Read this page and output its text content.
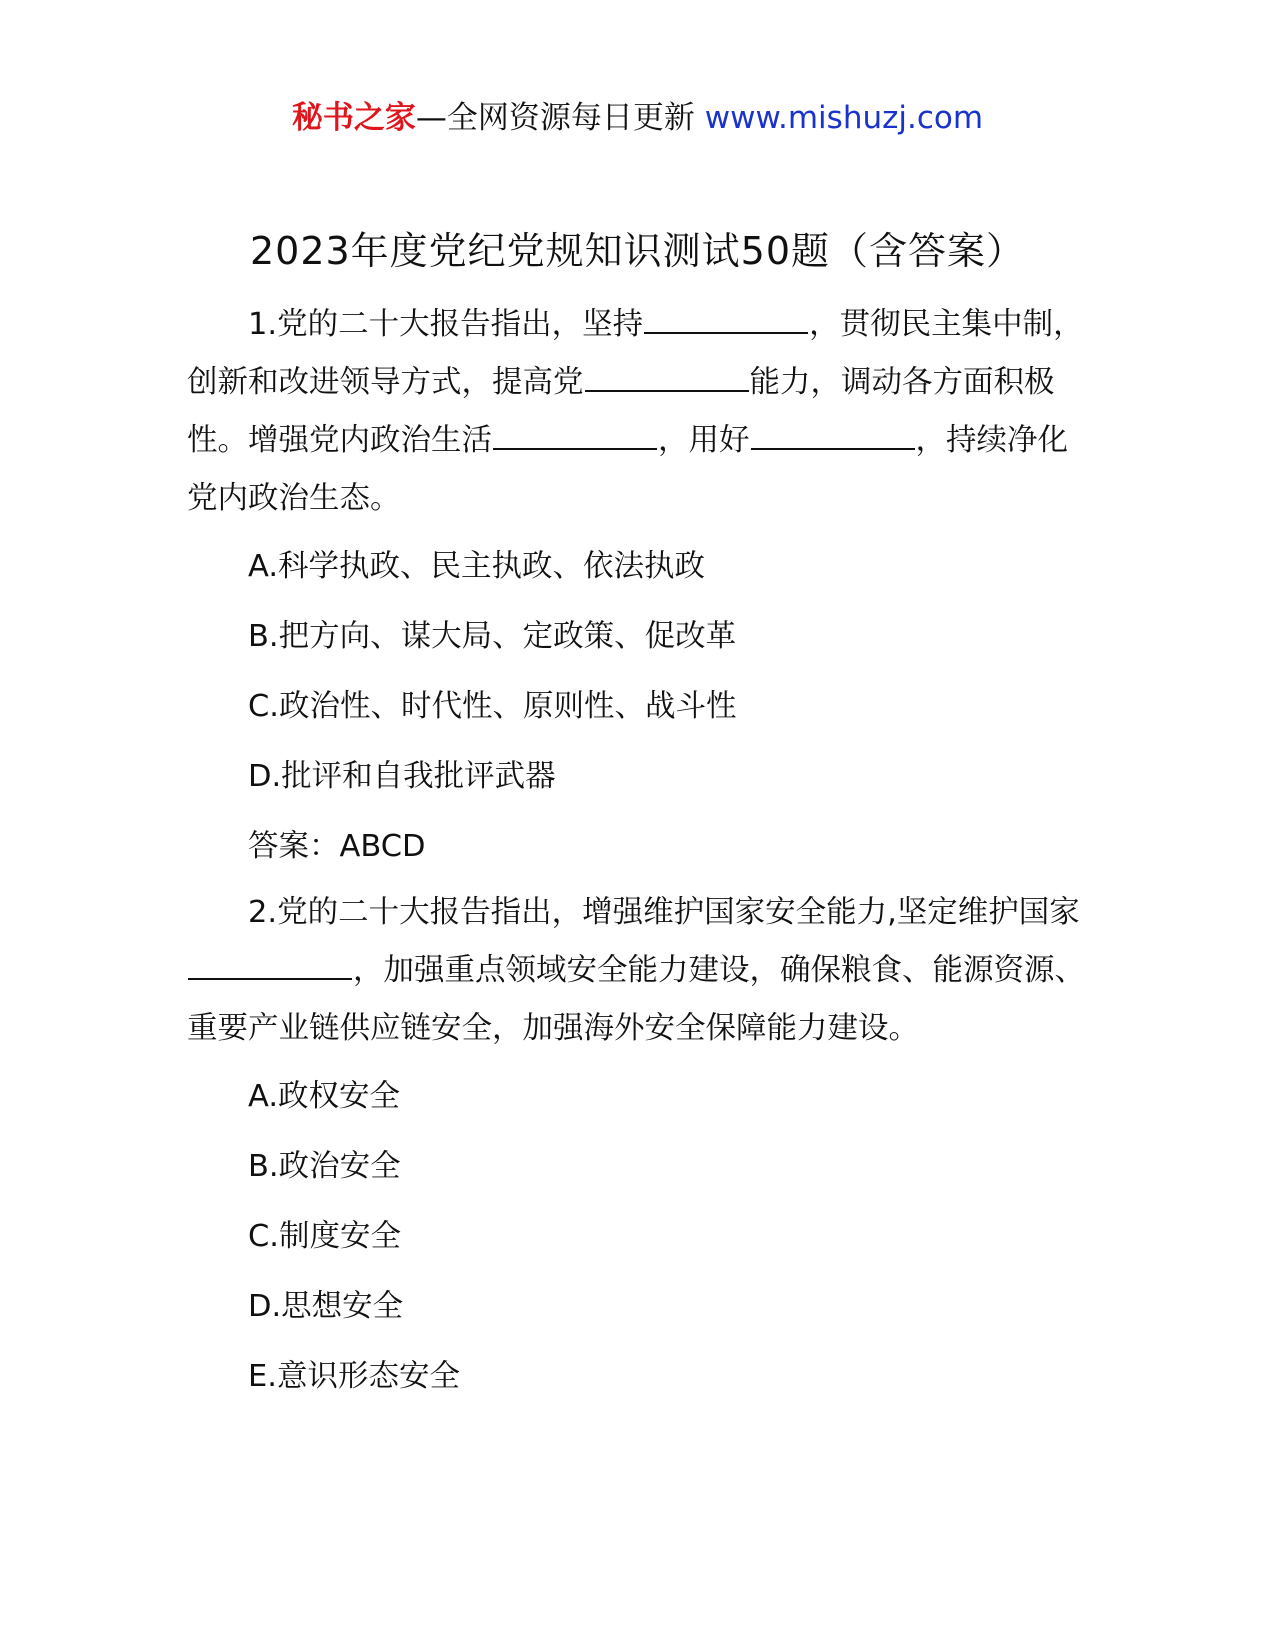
秘书之家—全网资源每日更新 www.mishuzj.com
2023年度党纪党规知识测试50题（含答案）

1.党的二十大报告指出，坚持	，贯彻民主集中制，创新和改进领导方式，提高党	能力，调动各方面积极性。增强党内政治生活	，用好	，持续净化党内政治生态。

A.科学执政、民主执政、依法执政

B.把方向、谋大局、定政策、促改革

C.政治性、时代性、原则性、战斗性

D.批评和自我批评武器

答案：ABCD

2.党的二十大报告指出，增强维护国家安全能力,坚定维护国家，加强重点领域安全能力建设，确保粮食、能源资源、重要产业链供应链安全，加强海外安全保障能力建设。

A.政权安全

B.政治安全

C.制度安全

D.思想安全

E.意识形态安全
